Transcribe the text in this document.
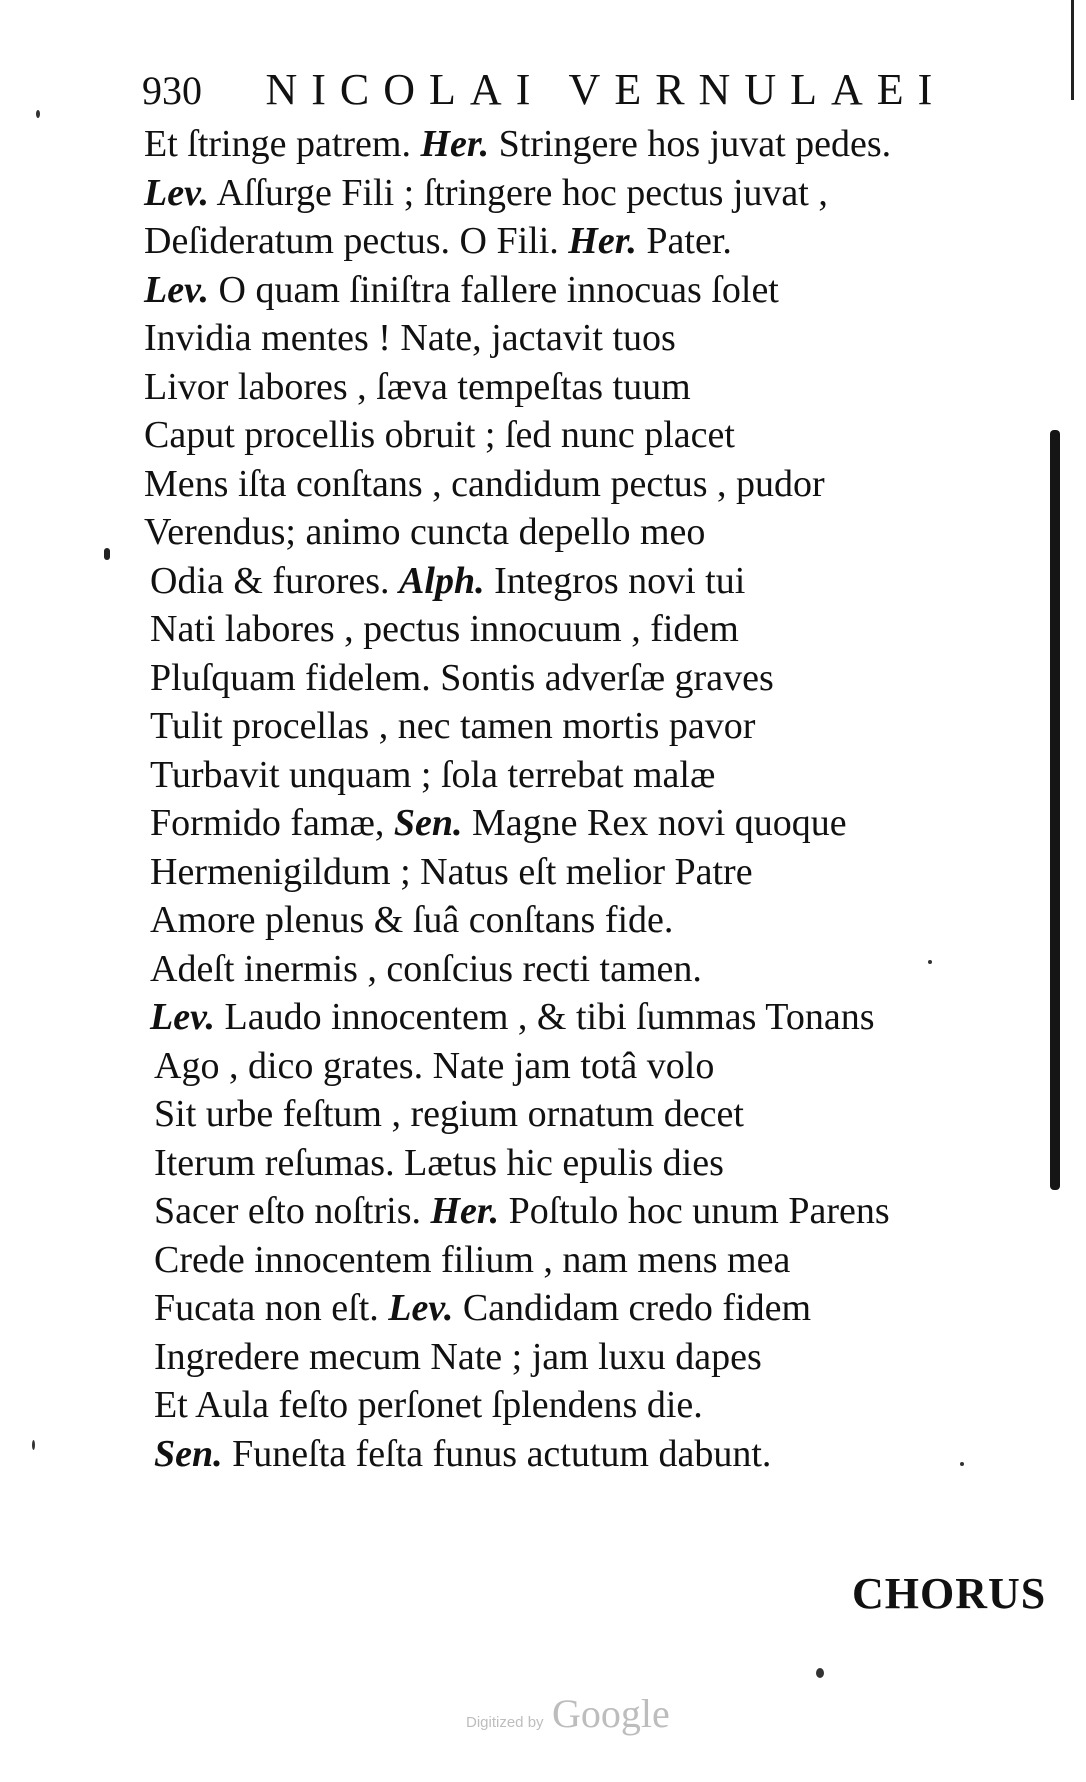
930 NICOLAI VERNULAEI
Et ſtringe patrem. Her. Stringere hos juvat pedes.
Lev. Aſſurge Fili ; ſtringere hoc pectus juvat ,
Deſideratum pectus. O Fili. Her. Pater.
Lev. O quam ſiniſtra fallere innocuas ſolet
Invidia mentes ! Nate, jactavit tuos
Livor labores , ſæva tempeſtas tuum
Caput procellis obruit ; ſed nunc placet
Mens iſta conſtans , candidum pectus , pudor
Verendus; animo cuncta depello meo
Odia & furores. Alph. Integros novi tui
Nati labores , pectus innocuum , fidem
Pluſquam fidelem. Sontis adverſæ graves
Tulit procellas , nec tamen mortis pavor
Turbavit unquam ; ſola terrebat malæ
Formido famæ, Sen. Magne Rex novi quoque
Hermenigildum ; Natus eſt melior Patre
Amore plenus & ſuâ conſtans fide.
Adeſt inermis , conſcius recti tamen.
Lev. Laudo innocentem , & tibi ſummas Tonans
Ago , dico grates. Nate jam totâ volo
Sit urbe feſtum , regium ornatum decet
Iterum reſumas. Lætus hic epulis dies
Sacer eſto noſtris. Her. Poſtulo hoc unum Parens
Crede innocentem filium , nam mens mea
Fucata non eſt. Lev. Candidam credo fidem
Ingredere mecum Nate ; jam luxu dapes
Et Aula feſto perſonet ſplendens die.
Sen. Funeſta feſta funus actutum dabunt.
CHORUS
Digitized by Google
